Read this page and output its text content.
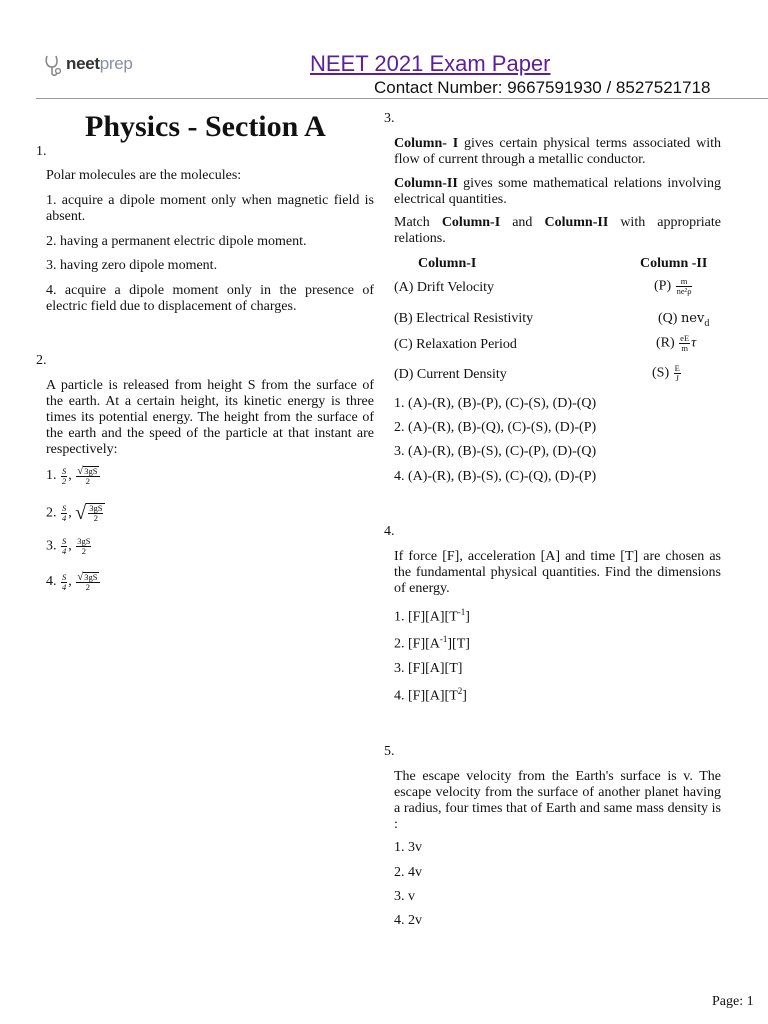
neetprep	NEET 2021 Exam Paper
Contact Number: 9667591930 / 8527521718
Physics - Section A
1.
Polar molecules are the molecules:
1. acquire a dipole moment only when magnetic field is absent.
2. having a permanent electric dipole moment.
3. having zero dipole moment.
4. acquire a dipole moment only in the presence of electric field due to displacement of charges.
2.
A particle is released from height S from the surface of the earth. At a certain height, its kinetic energy is three times its potential energy. The height from the surface of the earth and the speed of the particle at that instant are respectively:
1. $\frac{S}{2}$ , $\frac{√3gS}{2}$
2. $\frac{S}{4}$ , √ $\frac{3gS}{2}$
3. $\frac{S}{4}$ , $\frac{3gS}{2}$
4. $\frac{S}{4}$ , $\frac{√3gS}{2}$
3.
Column- I gives certain physical terms associated with flow of current through a metallic conductor.
Column-II gives some mathematical relations involving electrical quantities.
Match Column-I and Column-II with appropriate relations.
Column-I	Column -II
(A) Drift Velocity	$(P) \frac{m}{\text{ne²ρ}}$
(B) Electrical Resistivity	(Q) nev$_d$
(C) Relaxation Period	$(R) \frac{eE}{m}$ τ
(D) Current Density	$(S) \frac{E}{J}$
1. (A)-(R), (B)-(P), (C)-(S), (D)-(Q)
2. (A)-(R), (B)-(Q), (C)-(S), (D)-(P)
3. (A)-(R), (B)-(S), (C)-(P), (D)-(Q)
4. (A)-(R), (B)-(S), (C)-(Q), (D)-(P)
4.
If force [F], acceleration [A] and time [T] are chosen as the fundamental physical quantities. Find the dimensions of energy.
1. $[F][A][T^{-1}]$
2. $[F][A^{-1}][T]$
3. [F][A][T]
4. $[F][A][T^2]$
5.
The escape velocity from the Earth's surface is v. The escape velocity from the surface of another planet having a radius, four times that of Earth and same mass density is :
1. 3v
2. 4v
3. v
4. 2v
Page: 1
